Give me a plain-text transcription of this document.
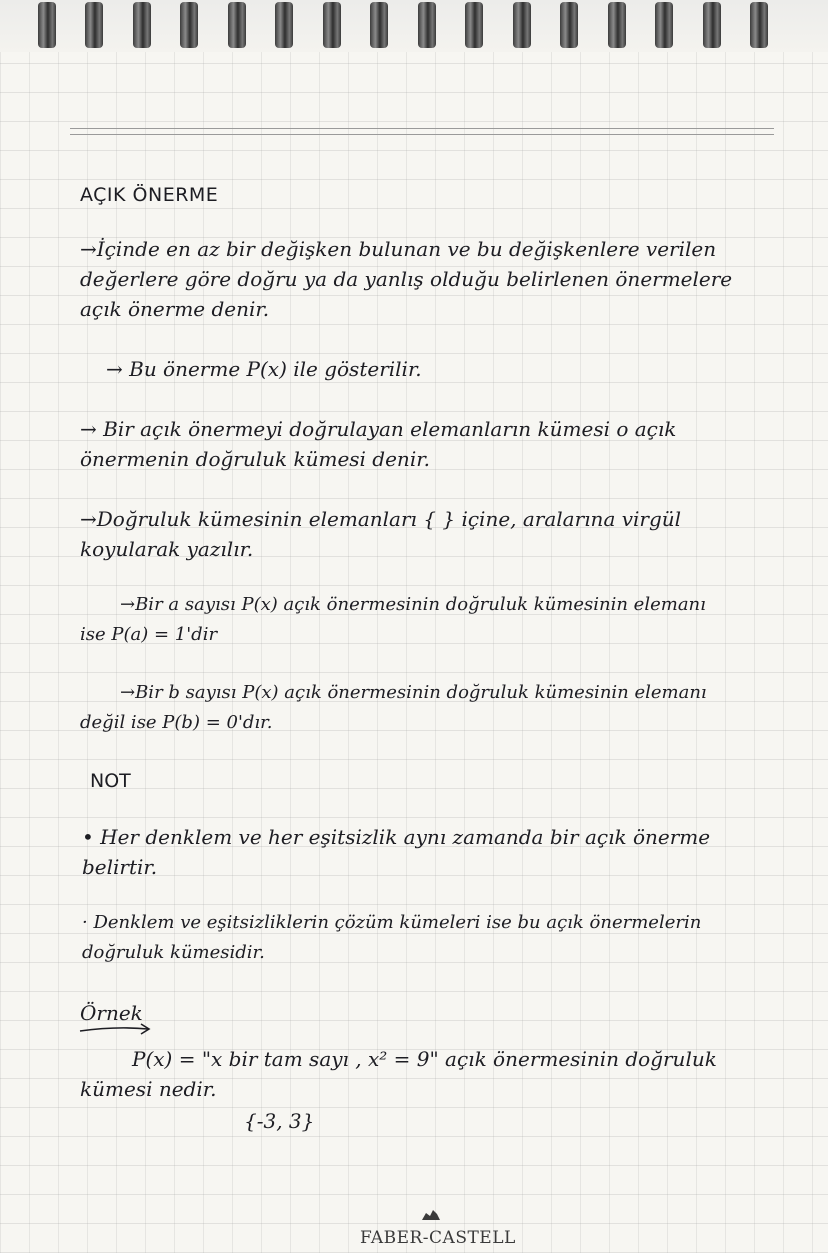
AÇIK ÖNERME
→İçinde en az bir değişken bulunan ve bu değişkenlere verilen
değerlere göre doğru ya da yanlış olduğu belirlenen önermelere
açık önerme denir.
→ Bu önerme P(x) ile gösterilir.
→ Bir açık önermeyi doğrulayan elemanların kümesi o açık
önermenin doğruluk kümesi denir.
→Doğruluk kümesinin elemanları { } içine, aralarına virgül
koyularak yazılır.
→Bir a sayısı P(x) açık önermesinin doğruluk kümesinin elemanı
ise P(a) = 1'dir
→Bir b sayısı P(x) açık önermesinin doğruluk kümesinin elemanı
değil ise P(b) = 0'dır.
NOT
• Her denklem ve her eşitsizlik aynı zamanda bir açık önerme
belirtir.
· Denklem ve eşitsizliklerin çözüm kümeleri ise bu açık önermelerin
doğruluk kümesidir.
Örnek
P(x) = "x bir tam sayı , x² = 9" açık önermesinin doğruluk
kümesi nedir.
{-3, 3}
FABER-CASTELL
